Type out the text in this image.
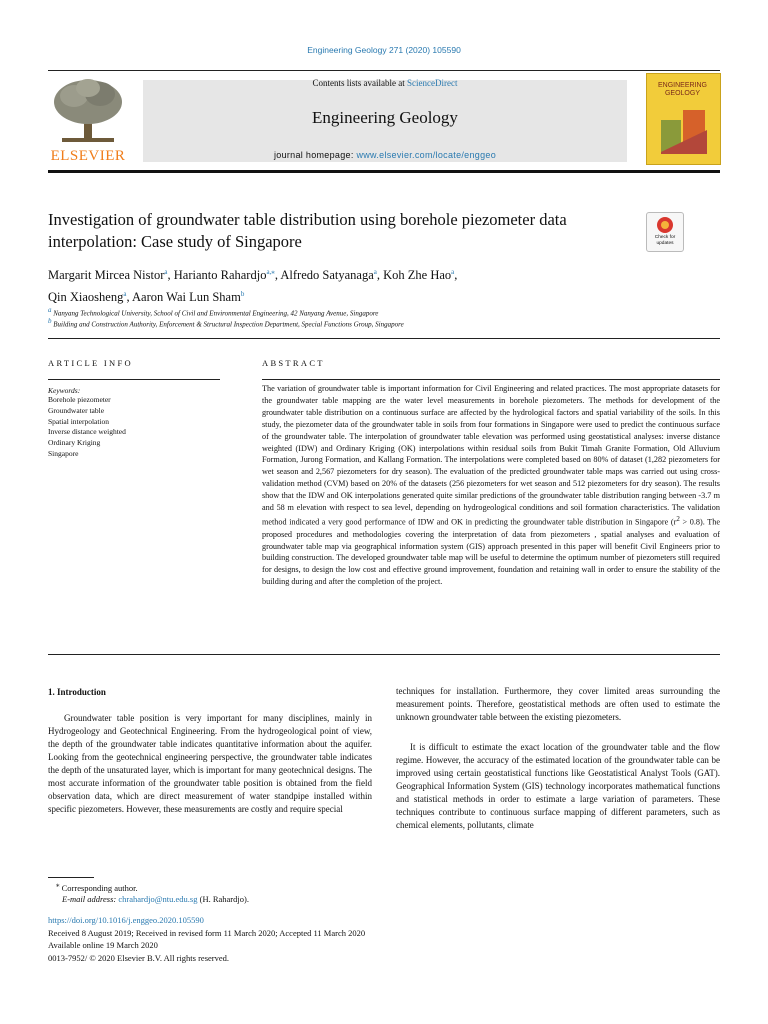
Engineering Geology 271 (2020) 105590
ELSEVIER
Contents lists available at ScienceDirect
Engineering Geology
journal homepage: www.elsevier.com/locate/enggeo
ENGINEERING
GEOLOGY
Investigation of groundwater table distribution using borehole piezometer data interpolation: Case study of Singapore	Check for
updates
Margarit Mircea Nistor$^a$, Harianto Rahardjo$^{a,⁎}$, Alfredo Satyanaga$^a$, Koh Zhe Hao$^a$,
Qin Xiaosheng$^a$, Aaron Wai Lun Sham$^b$
$^a$ Nanyang Technological University, School of Civil and Environmental Engineering, 42 Nanyang Avenue, Singapore
$^b$ Building and Construction Authority, Enforcement & Structural Inspection Department, Special Functions Group, Singapore
ARTICLE INFO
Keywords:
Borehole piezometer
Groundwater table
Spatial interpolation
Inverse distance weighted
Ordinary Kriging
Singapore
ABSTRACT
The variation of groundwater table is important information for Civil Engineering and related practices. The most appropriate datasets for the groundwater table mapping are the water level measurements in borehole piezometers. The methods for development of the groundwater table distribution on a continuous surface are affected by the hydrological factors and spatial variability of the soils. In this study, the piezometer data of the groundwater table in soils from four formations in Singapore were used to predict the continuous surface of the groundwater table. The interpolation of groundwater table elevation was performed using geostatistical analyses: inverse distance weighted (IDW) and Ordinary Kriging (OK) interpolations within residual soils from Bukit Timah Granite Formation, Old Alluvium Formation, Jurong Formation, and Kallang Formation. The interpolations were completed based on 80% of dataset (1,282 piezometers for wet season and 2,567 piezometers for dry season). The evaluation of the predicted groundwater table maps was carried out using cross-validation method (CVM) based on 20% of the datasets (256 piezometers for wet season and 512 piezometers for dry season). The results show that the IDW and OK interpolations generated quite similar predictions of the groundwater table distribution ranging between -3.7 m and 58 m elevation with respect to sea level, depending on hydrogeological conditions and soil formation characteristics. The validation method indicated a very good performance of IDW and OK in predicting the groundwater table distribution in Singapore $(r^2 > 0.8)$. The proposed procedures and methodologies covering the interpretation of data from piezometers , spatial analyses and evaluation of groundwater table map via geographical information system (GIS) approach presented in this paper will benefit Civil Engineers prior to building construction. The developed groundwater table map will be useful to determine the optimum number of piezometers still required for designs, to design the low cost and effective ground improvement, foundation and retaining wall in order to ensure the stability of the building during and after the completion of the project.
1. Introduction
Groundwater table position is very important for many disciplines, mainly in Hydrogeology and Geotechnical Engineering. From the hydrogeological point of view, the depth of the groundwater table indicates quantitative information about the aquifer. Looking from the geotechnical engineering perspective, the groundwater table indicates the depth of the unsaturated layer, which is important for many geotechnical designs. The most accurate information of the groundwater table position is obtained from the field observation data, which are direct measurement of water standpipe installed within specific piezometers. However, these measurements are costly and require special
techniques for installation. Furthermore, they cover limited areas surrounding the measurement points. Therefore, geostatistical methods are often used to estimate the unknown groundwater table between the existing piezometers.
It is difficult to estimate the exact location of the groundwater table and the flow regime. However, the accuracy of the estimated location of the groundwater table can be improved using certain geostatistical functions like Geostatistical Analyst Tools (GAT). Geographical Information System (GIS) technology incorporates mathematical functions and statistical methods in order to estimate a large variation of parameters. These techniques contribute to continuous surface mapping of different parameters, such as chemical elements, pollutants, climate
⁎ Corresponding author.
E-mail address: chrahardjo@ntu.edu.sg (H. Rahardjo).
https://doi.org/10.1016/j.enggeo.2020.105590
Received 8 August 2019; Received in revised form 11 March 2020; Accepted 11 March 2020
Available online 19 March 2020
0013-7952/ © 2020 Elsevier B.V. All rights reserved.
